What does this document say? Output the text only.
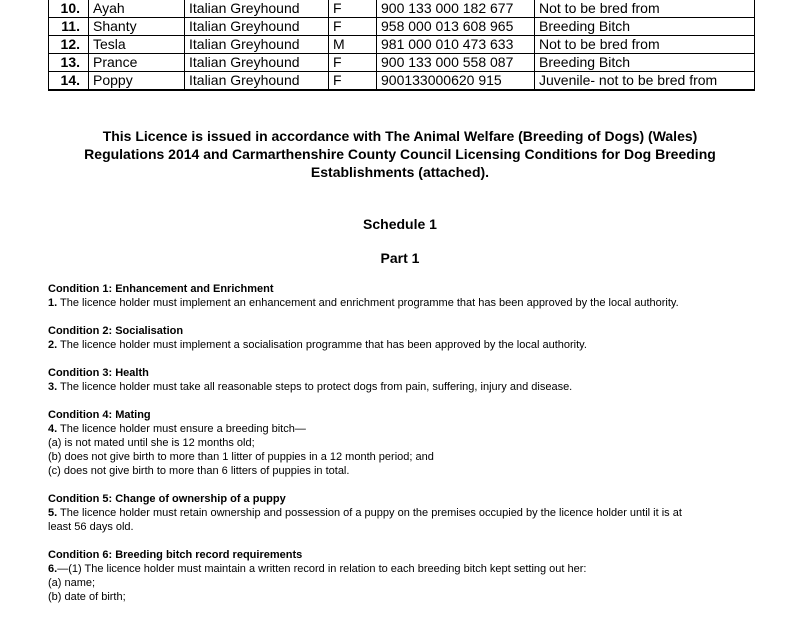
10.	Ayah	Italian Greyhound	F	900 133 000 182 677	Not to be bred from
11.	Shanty	Italian Greyhound	F	958 000 013 608 965	Breeding Bitch
12.	Tesla	Italian Greyhound	M	981 000 010 473 633	Not to be bred from
13.	Prance	Italian Greyhound	F	900 133 000 558 087	Breeding Bitch
14.	Poppy	Italian Greyhound	F	900133000620 915	Juvenile- not to be bred from
This Licence is issued in accordance with The Animal Welfare (Breeding of Dogs) (Wales)
Regulations 2014 and Carmarthenshire County Council Licensing Conditions for Dog Breeding
Establishments (attached).
Schedule 1
Part 1
Condition 1: Enhancement and Enrichment
1. The licence holder must implement an enhancement and enrichment programme that has been approved by the local authority.
Condition 2: Socialisation
2. The licence holder must implement a socialisation programme that has been approved by the local authority.
Condition 3: Health
3. The licence holder must take all reasonable steps to protect dogs from pain, suffering, injury and disease.
Condition 4: Mating
4. The licence holder must ensure a breeding bitch—
(a) is not mated until she is 12 months old;
(b) does not give birth to more than 1 litter of puppies in a 12 month period; and
(c) does not give birth to more than 6 litters of puppies in total.
Condition 5: Change of ownership of a puppy
5. The licence holder must retain ownership and possession of a puppy on the premises occupied by the licence holder until it is at
least 56 days old.
Condition 6: Breeding bitch record requirements
6.—(1) The licence holder must maintain a written record in relation to each breeding bitch kept setting out her:
(a) name;
(b) date of birth;
